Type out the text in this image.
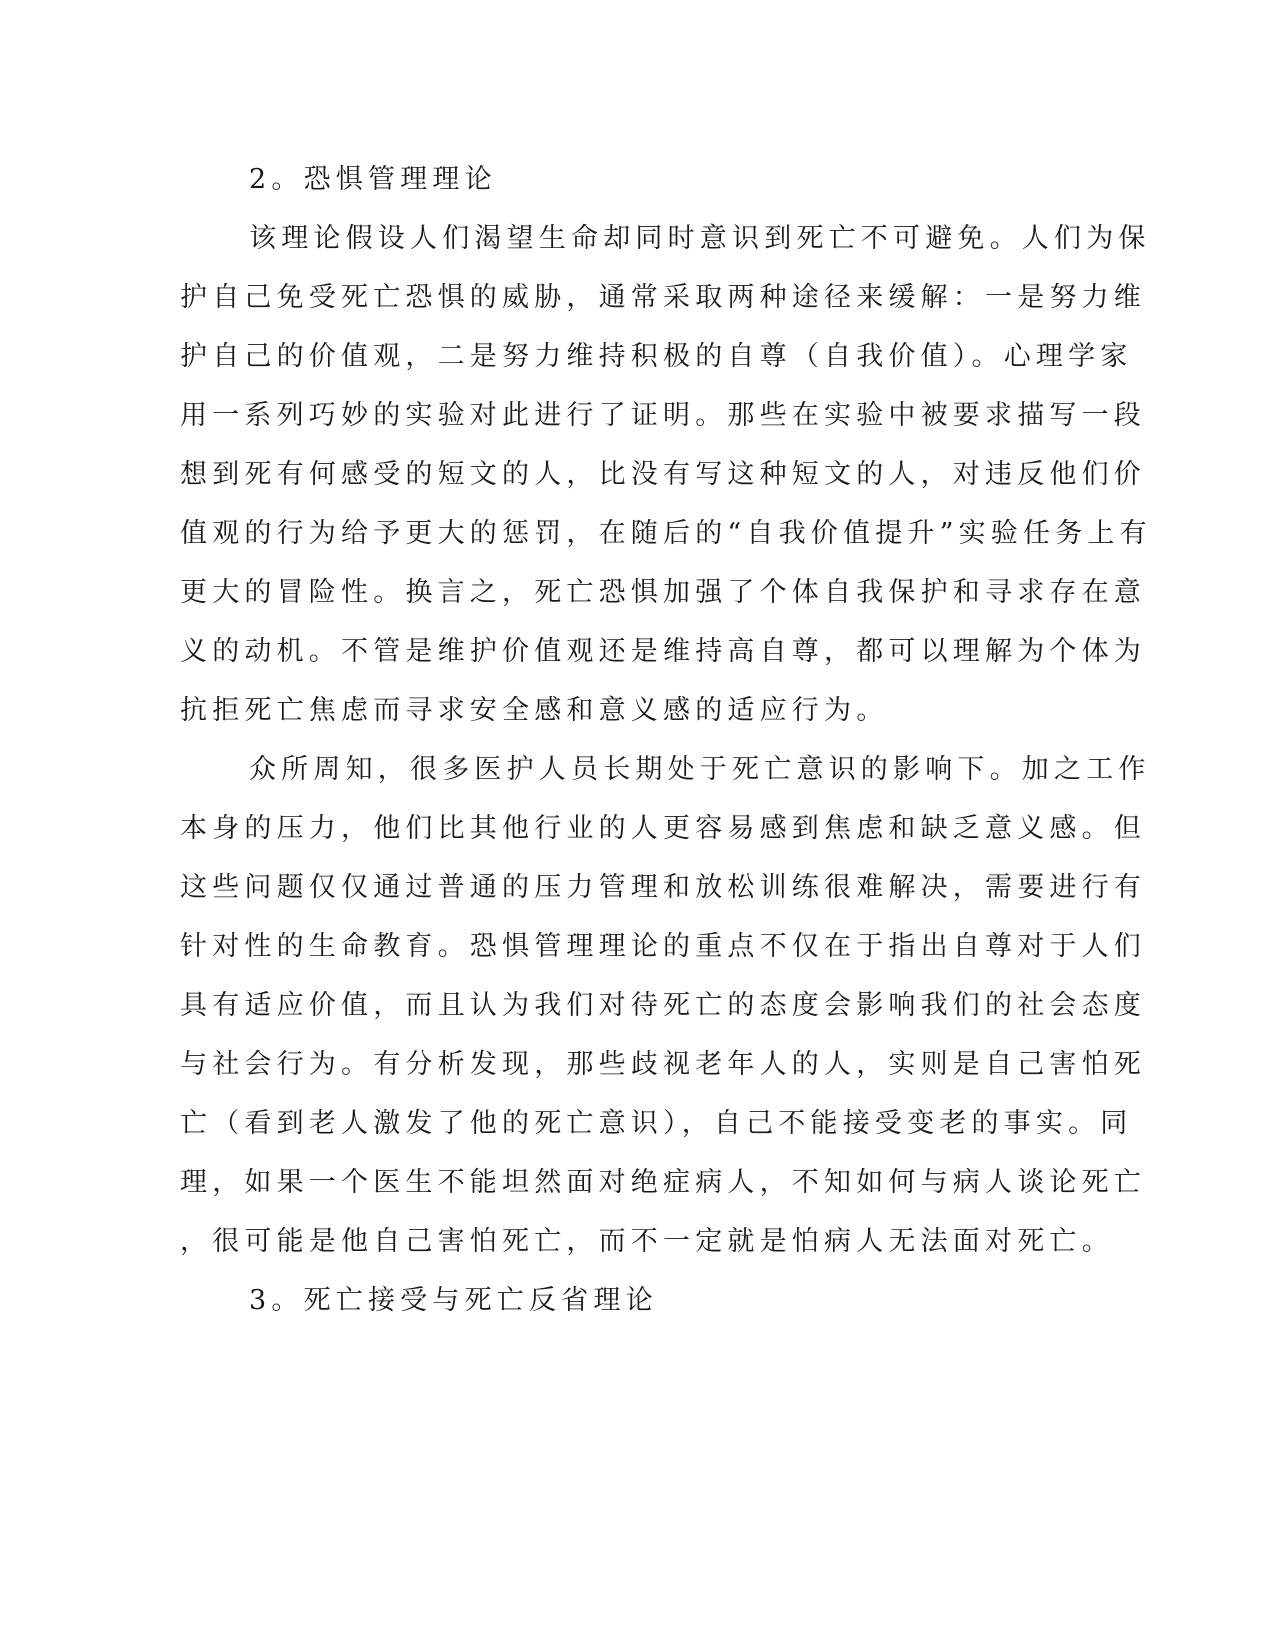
2。恐惧管理理论

该理论假设人们渴望生命却同时意识到死亡不可避免。人们为保

护自己免受死亡恐惧的威胁，通常采取两种途径来缓解：一是努力维

护自己的价值观，二是努力维持积极的自尊（自我价值）。心理学家

用一系列巧妙的实验对此进行了证明。那些在实验中被要求描写一段

想到死有何感受的短文的人，比没有写这种短文的人，对违反他们价

值观的行为给予更大的惩罚，在随后的“自我价值提升”实验任务上有

更大的冒险性。换言之，死亡恐惧加强了个体自我保护和寻求存在意

义的动机。不管是维护价值观还是维持高自尊，都可以理解为个体为

抗拒死亡焦虑而寻求安全感和意义感的适应行为。

众所周知，很多医护人员长期处于死亡意识的影响下。加之工作

本身的压力，他们比其他行业的人更容易感到焦虑和缺乏意义感。但

这些问题仅仅通过普通的压力管理和放松训练很难解决，需要进行有

针对性的生命教育。恐惧管理理论的重点不仅在于指出自尊对于人们

具有适应价值，而且认为我们对待死亡的态度会影响我们的社会态度

与社会行为。有分析发现，那些歧视老年人的人，实则是自己害怕死

亡（看到老人激发了他的死亡意识），自己不能接受变老的事实。同

理，如果一个医生不能坦然面对绝症病人，不知如何与病人谈论死亡

，很可能是他自己害怕死亡，而不一定就是怕病人无法面对死亡。

3。死亡接受与死亡反省理论
